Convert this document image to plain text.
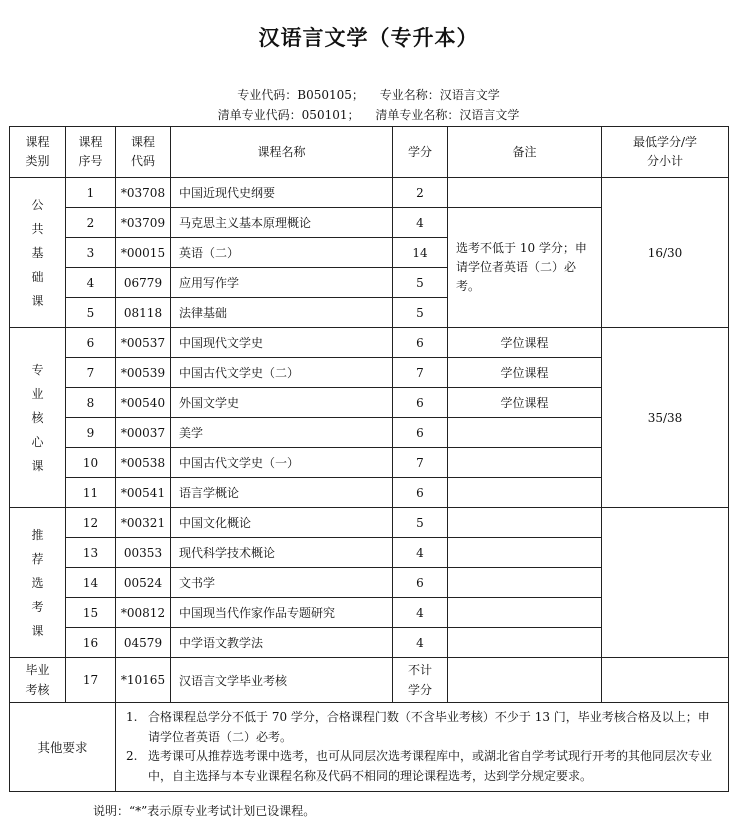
汉语言文学（专升本）
专业代码：B050105； 专业名称：汉语言文学
清单专业代码：050101； 清单专业名称：汉语言文学
课程类别	课程序号	课程代码	课程名称	学分	备注	最低学分/学分小计

公共基础课	1	*03708	中国近现代史纲要	2		16/30
	2	*03709	马克思主义基本原理概论	4	选考不低于 10 学分；申请学位者英语（二）必考。	
	3	*00015	英语（二）	14		
	4	06779	应用写作学	5		
	5	08118	法律基础	5		

专业核心课	6	*00537	中国现代文学史	6	学位课程	35/38
	7	*00539	中国古代文学史（二）	7	学位课程	
	8	*00540	外国文学史	6	学位课程	
	9	*00037	美学	6		
	10	*00538	中国古代文学史（一）	7		
	11	*00541	语言学概论	6		

推荐选考课	12	*00321	中国文化概论	5		
	13	00353	现代科学技术概论	4		
	14	00524	文书学	6		
	15	*00812	中国现当代作家作品专题研究	4		
	16	04579	中学语文教学法	4		

毕业考核	17	*10165	汉语言文学毕业考核	不计学分		

其他要求		1. 合格课程总学分不低于 70 学分，合格课程门数（不含毕业考核）不少于 13 门，毕业考核合格及以上；申请学位者英语（二）必考。
2. 选考课可从推荐选考课中选考，也可从同层次选考课程库中，或湖北省自学考试现行开考的其他同层次专业中，自主选择与本专业课程名称及代码不相同的理论课程选考，达到学分规定要求。				
说明：“*”表示原专业考试计划已设课程。
